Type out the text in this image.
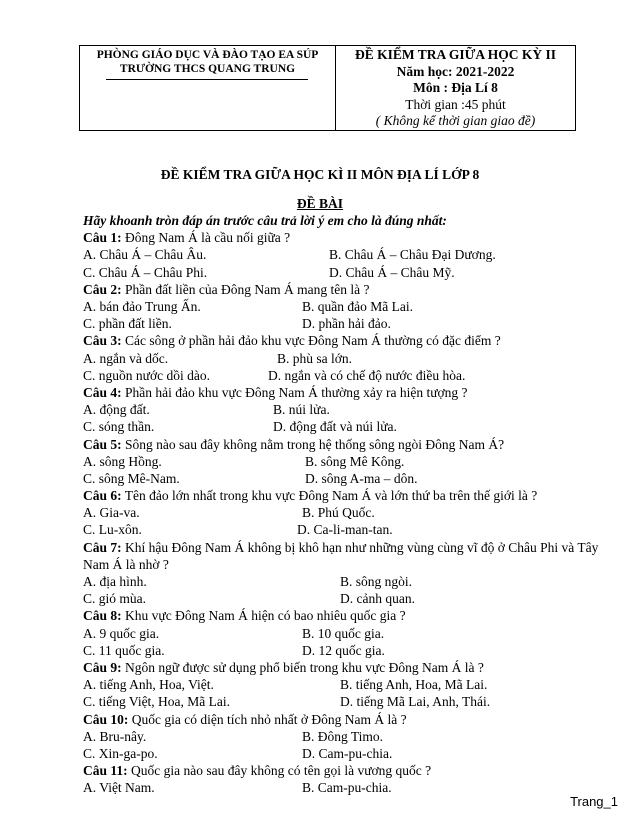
PHÒNG GIÁO DỤC VÀ ĐÀO TẠO EA SÚP
TRƯỜNG THCS QUANG TRUNG
ĐỀ KIỂM TRA GIỮA HỌC KỲ II
Năm học: 2021-2022
Môn : Địa Lí 8
Thời gian :45 phút
( Không kể thời gian giao đề)
ĐỀ KIỂM TRA GIỮA HỌC KÌ II MÔN ĐỊA LÍ LỚP 8
ĐỀ BÀI
Hãy khoanh tròn đáp án trước câu trả lời ý em cho là đúng nhất:
Câu 1: Đông Nam Á là cầu nối giữa ?
A. Châu Á – Châu Âu.	B. Châu Á – Châu Đại Dương.
C. Châu Á – Châu Phi.	D. Châu Á – Châu Mỹ.
Câu 2: Phần đất liền của Đông Nam Á mang tên là ?
A. bán đảo Trung Ấn.	B. quần đảo Mã Lai.
C. phần đất liền.	D. phần hải đảo.
Câu 3: Các sông ở phần hải đảo khu vực Đông Nam Á thường có đặc điểm ?
A. ngắn và dốc.	B. phù sa lớn.
C. nguồn nước dồi dào.	D. ngắn và có chế độ nước điều hòa.
Câu 4: Phần hải đảo khu vực Đông Nam Á thường xảy ra hiện tượng ?
A. động đất.	B. núi lửa.
C. sóng thần.	D. động đất và núi lửa.
Câu 5: Sông nào sau đây không nằm trong hệ thống sông ngòi Đông Nam Á?
A. sông Hồng.	B. sông Mê Kông.
C. sông Mê-Nam.	D. sông A-ma – dôn.
Câu 6: Tên đảo lớn nhất trong khu vực Đông Nam Á và lớn thứ ba trên thế giới là ?
A. Gia-va.	B. Phú Quốc.
C. Lu-xôn.	D. Ca-li-man-tan.
Câu 7: Khí hậu Đông Nam Á không bị khô hạn như những vùng cùng vĩ độ ở Châu Phi và Tây Nam Á là nhờ ?
A. địa hình.	B. sông ngòi.
C. gió mùa.	D. cảnh quan.
Câu 8: Khu vực Đông Nam Á hiện có bao nhiêu quốc gia ?
A. 9 quốc gia.	B. 10 quốc gia.
C. 11 quốc gia.	D. 12 quốc gia.
Câu 9: Ngôn ngữ được sử dụng phổ biến trong khu vực Đông Nam Á là ?
A. tiếng Anh, Hoa, Việt.	B. tiếng Anh, Hoa, Mã Lai.
C. tiếng Việt, Hoa, Mã Lai.	D. tiếng Mã Lai, Anh, Thái.
Câu 10: Quốc gia có diện tích nhỏ nhất ở Đông Nam Á là ?
A. Bru-nây.	B. Đông Timo.
C. Xin-ga-po.	D. Cam-pu-chia.
Câu 11: Quốc gia nào sau đây không có tên gọi là vương quốc ?
A. Việt Nam.	B. Cam-pu-chia.
Trang_1
